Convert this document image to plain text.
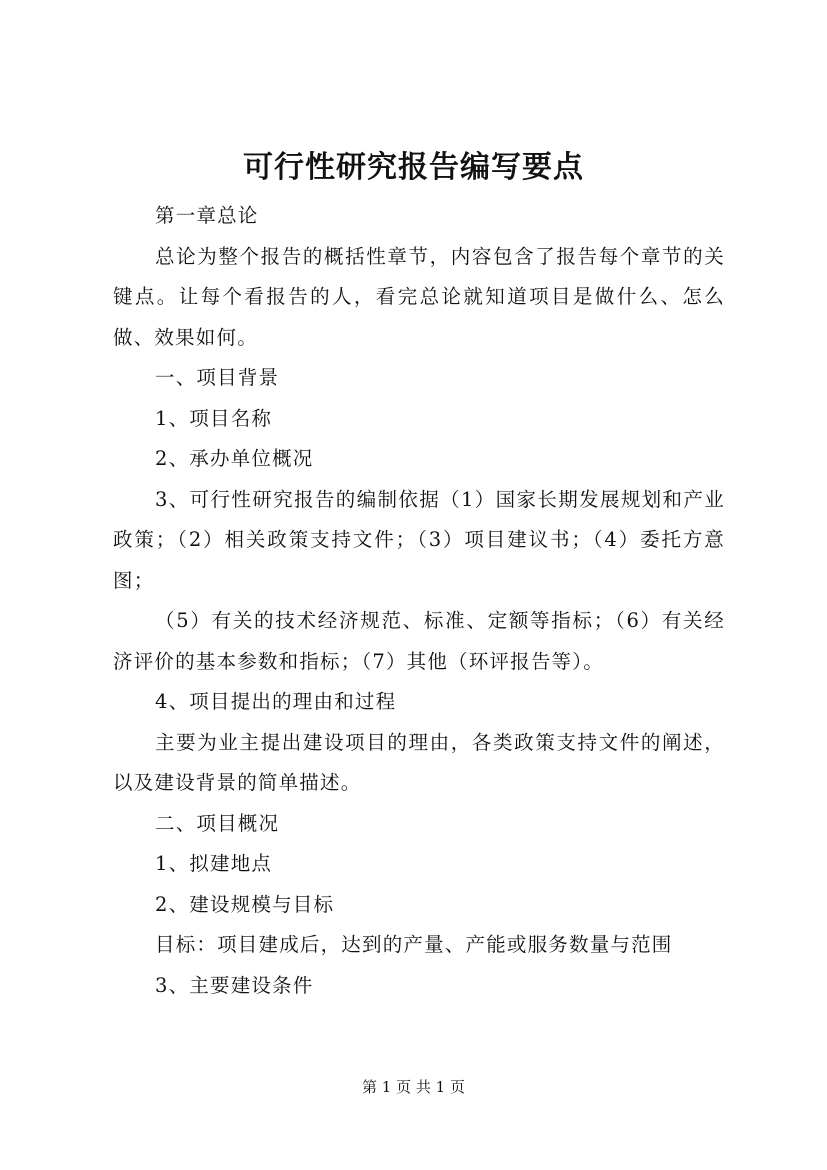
可行性研究报告编写要点

第一章总论

总论为整个报告的概括性章节，内容包含了报告每个章节的关键点。让每个看报告的人，看完总论就知道项目是做什么、怎么做、效果如何。

一、项目背景

1、项目名称

2、承办单位概况

3、可行性研究报告的编制依据（1）国家长期发展规划和产业政策；（2）相关政策支持文件；（3）项目建议书；（4）委托方意图；

（5）有关的技术经济规范、标准、定额等指标；（6）有关经济评价的基本参数和指标；（7）其他（环评报告等）。

4、项目提出的理由和过程

主要为业主提出建设项目的理由，各类政策支持文件的阐述，以及建设背景的简单描述。

二、项目概况

1、拟建地点

2、建设规模与目标

目标：项目建成后，达到的产量、产能或服务数量与范围

3、主要建设条件

第 1 页 共 1 页
